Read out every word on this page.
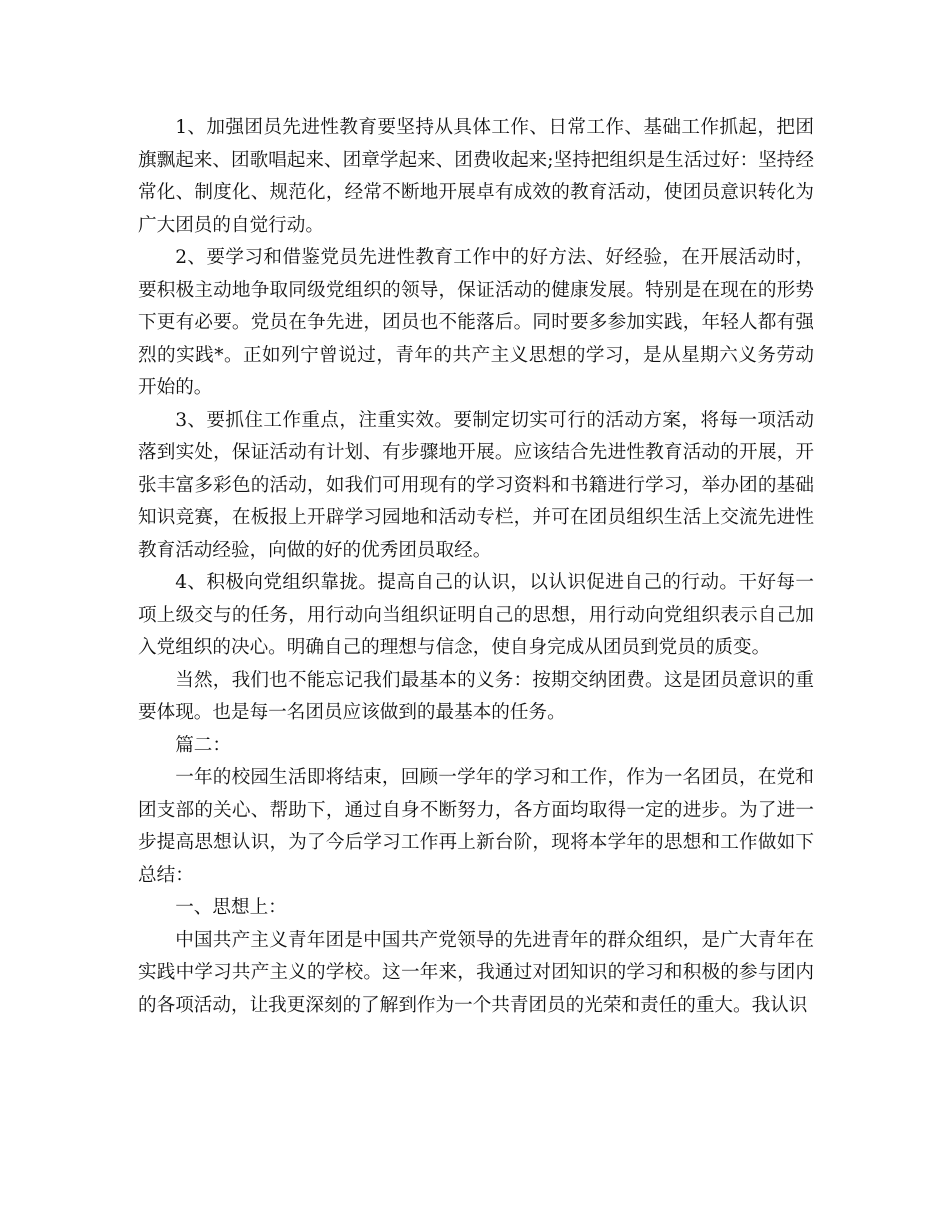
1、加强团员先进性教育要坚持从具体工作、日常工作、基础工作抓起，把团旗飘起来、团歌唱起来、团章学起来、团费收起来;坚持把组织是生活过好：坚持经常化、制度化、规范化，经常不断地开展卓有成效的教育活动，使团员意识转化为广大团员的自觉行动。

2、要学习和借鉴党员先进性教育工作中的好方法、好经验，在开展活动时，要积极主动地争取同级党组织的领导，保证活动的健康发展。特别是在现在的形势下更有必要。党员在争先进，团员也不能落后。同时要多参加实践，年轻人都有强烈的实践*。正如列宁曾说过，青年的共产主义思想的学习，是从星期六义务劳动开始的。

3、要抓住工作重点，注重实效。要制定切实可行的活动方案，将每一项活动落到实处，保证活动有计划、有步骤地开展。应该结合先进性教育活动的开展，开张丰富多彩色的活动，如我们可用现有的学习资料和书籍进行学习，举办团的基础知识竞赛，在板报上开辟学习园地和活动专栏，并可在团员组织生活上交流先进性教育活动经验，向做的好的优秀团员取经。

4、积极向党组织靠拢。提高自己的认识，以认识促进自己的行动。干好每一项上级交与的任务，用行动向当组织证明自己的思想，用行动向党组织表示自己加入党组织的决心。明确自己的理想与信念，使自身完成从团员到党员的质变。

当然，我们也不能忘记我们最基本的义务：按期交纳团费。这是团员意识的重要体现。也是每一名团员应该做到的最基本的任务。

篇二：

一年的校园生活即将结束，回顾一学年的学习和工作，作为一名团员，在党和团支部的关心、帮助下，通过自身不断努力，各方面均取得一定的进步。为了进一步提高思想认识，为了今后学习工作再上新台阶，现将本学年的思想和工作做如下总结：

一、思想上：

中国共产主义青年团是中国共产党领导的先进青年的群众组织，是广大青年在实践中学习共产主义的学校。这一年来，我通过对团知识的学习和积极的参与团内的各项活动，让我更深刻的了解到作为一个共青团员的光荣和责任的重大。我认识
